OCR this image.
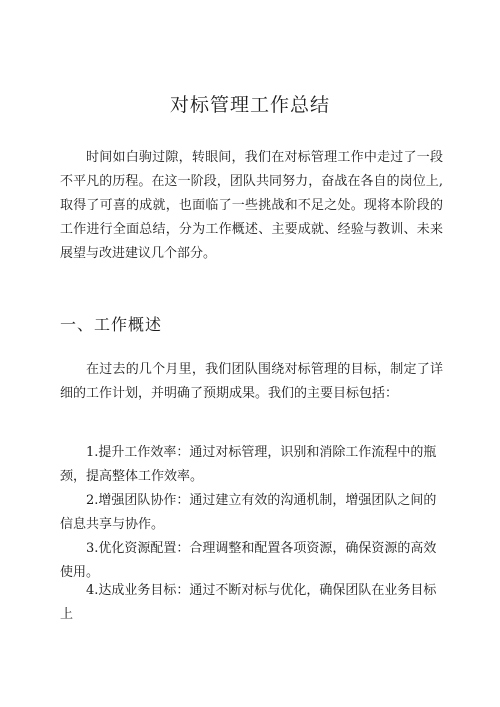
对标管理工作总结

时间如白驹过隙，转眼间，我们在对标管理工作中走过了一段不平凡的历程。在这一阶段，团队共同努力，奋战在各自的岗位上,取得了可喜的成就，也面临了一些挑战和不足之处。现将本阶段的工作进行全面总结，分为工作概述、主要成就、经验与教训、未来展望与改进建议几个部分。

一、工作概述

在过去的几个月里，我们团队围绕对标管理的目标，制定了详细的工作计划，并明确了预期成果。我们的主要目标包括：

1.提升工作效率：通过对标管理，识别和消除工作流程中的瓶颈，提高整体工作效率。

2.增强团队协作：通过建立有效的沟通机制，增强团队之间的信息共享与协作。

3.优化资源配置：合理调整和配置各项资源，确保资源的高效使用。

4.达成业务目标：通过不断对标与优化，确保团队在业务目标上
